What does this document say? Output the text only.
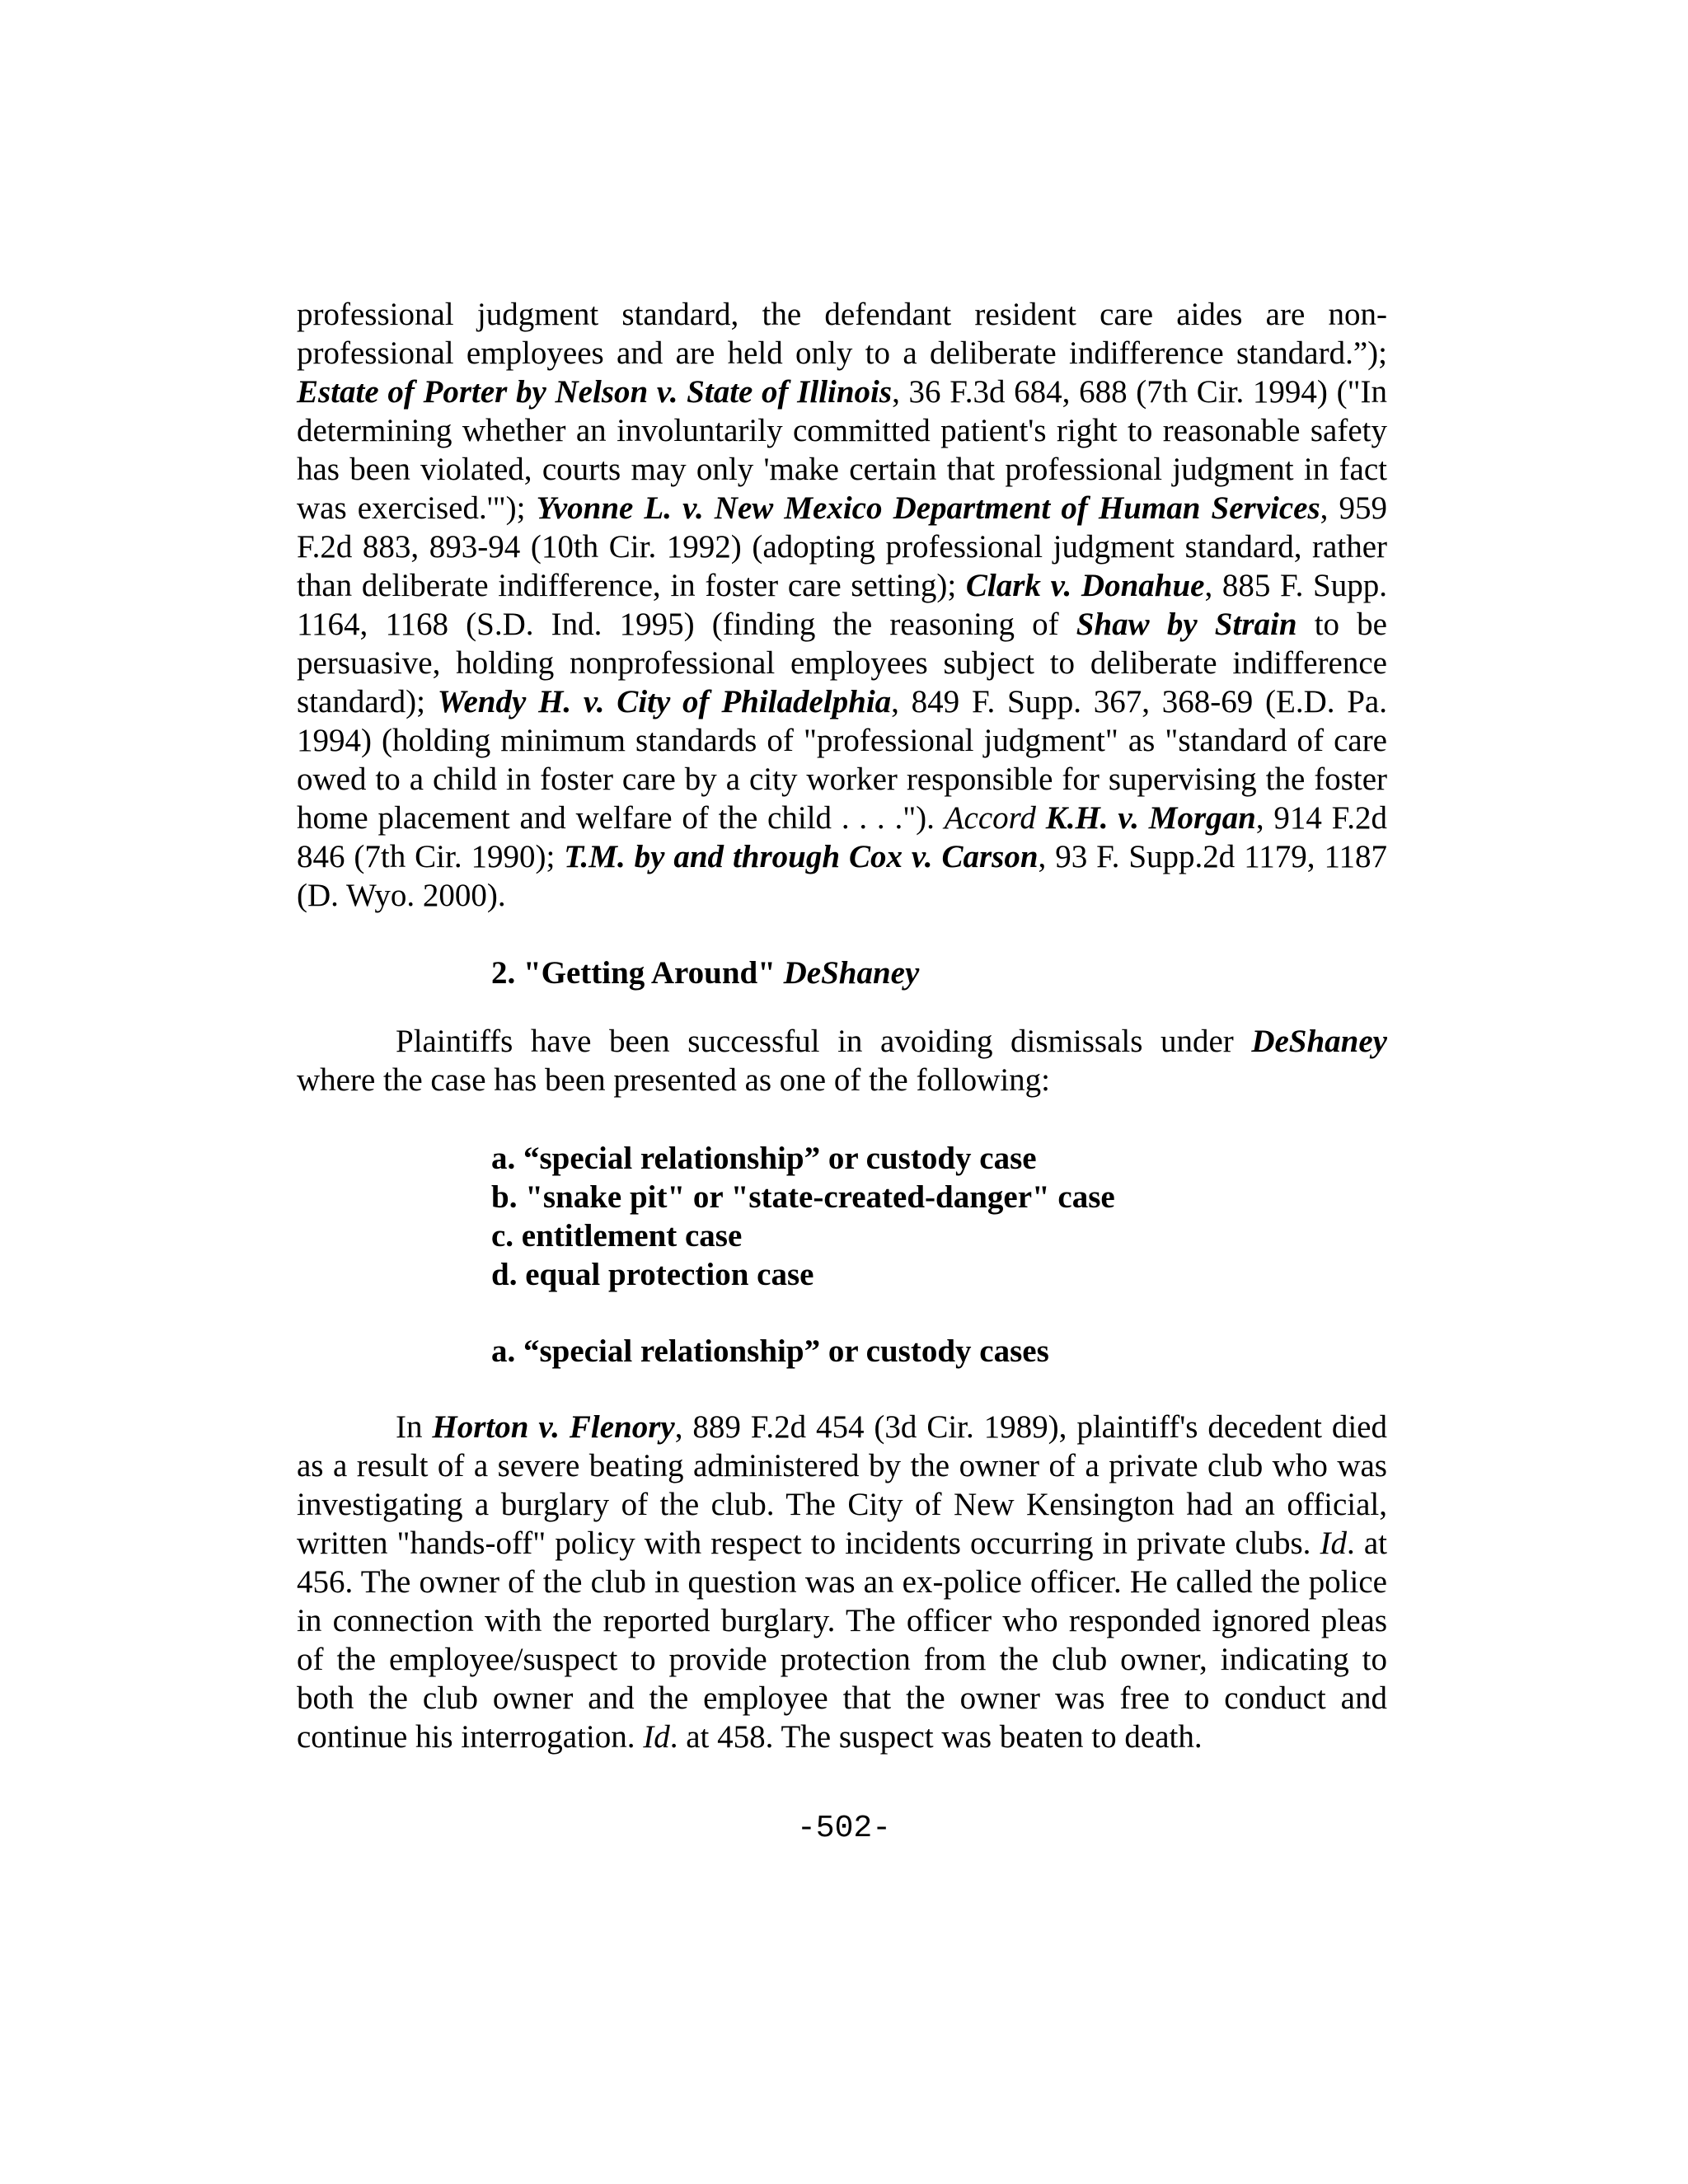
professional judgment standard, the defendant resident care aides are non-professional employees and are held only to a deliberate indifference standard.”); Estate of Porter by Nelson v. State of Illinois, 36 F.3d 684, 688 (7th Cir. 1994) ("In determining whether an involuntarily committed patient's right to reasonable safety has been violated, courts may only 'make certain that professional judgment in fact was exercised.'"); Yvonne L. v. New Mexico Department of Human Services, 959 F.2d 883, 893-94 (10th Cir. 1992) (adopting professional judgment standard, rather than deliberate indifference, in foster care setting); Clark v. Donahue, 885 F. Supp. 1164, 1168 (S.D. Ind. 1995) (finding the reasoning of Shaw by Strain to be persuasive, holding nonprofessional employees subject to deliberate indifference standard); Wendy H. v. City of Philadelphia, 849 F. Supp. 367, 368-69 (E.D. Pa. 1994) (holding minimum standards of "professional judgment" as "standard of care owed to a child in foster care by a city worker responsible for supervising the foster home placement and welfare of the child . . . ."). Accord K.H. v. Morgan, 914 F.2d 846 (7th Cir. 1990); T.M. by and through Cox v. Carson, 93 F. Supp.2d 1179, 1187 (D. Wyo. 2000).

2. "Getting Around" DeShaney

Plaintiffs have been successful in avoiding dismissals under DeShaney where the case has been presented as one of the following:

a. “special relationship” or custody case
b. "snake pit" or "state-created-danger" case
c. entitlement case
d. equal protection case

a. “special relationship” or custody cases

In Horton v. Flenory, 889 F.2d 454 (3d Cir. 1989), plaintiff's decedent died as a result of a severe beating administered by the owner of a private club who was investigating a burglary of the club. The City of New Kensington had an official, written "hands-off" policy with respect to incidents occurring in private clubs. Id. at 456. The owner of the club in question was an ex-police officer. He called the police in connection with the reported burglary. The officer who responded ignored pleas of the employee/suspect to provide protection from the club owner, indicating to both the club owner and the employee that the owner was free to conduct and continue his interrogation. Id. at 458. The suspect was beaten to death.

-502-
